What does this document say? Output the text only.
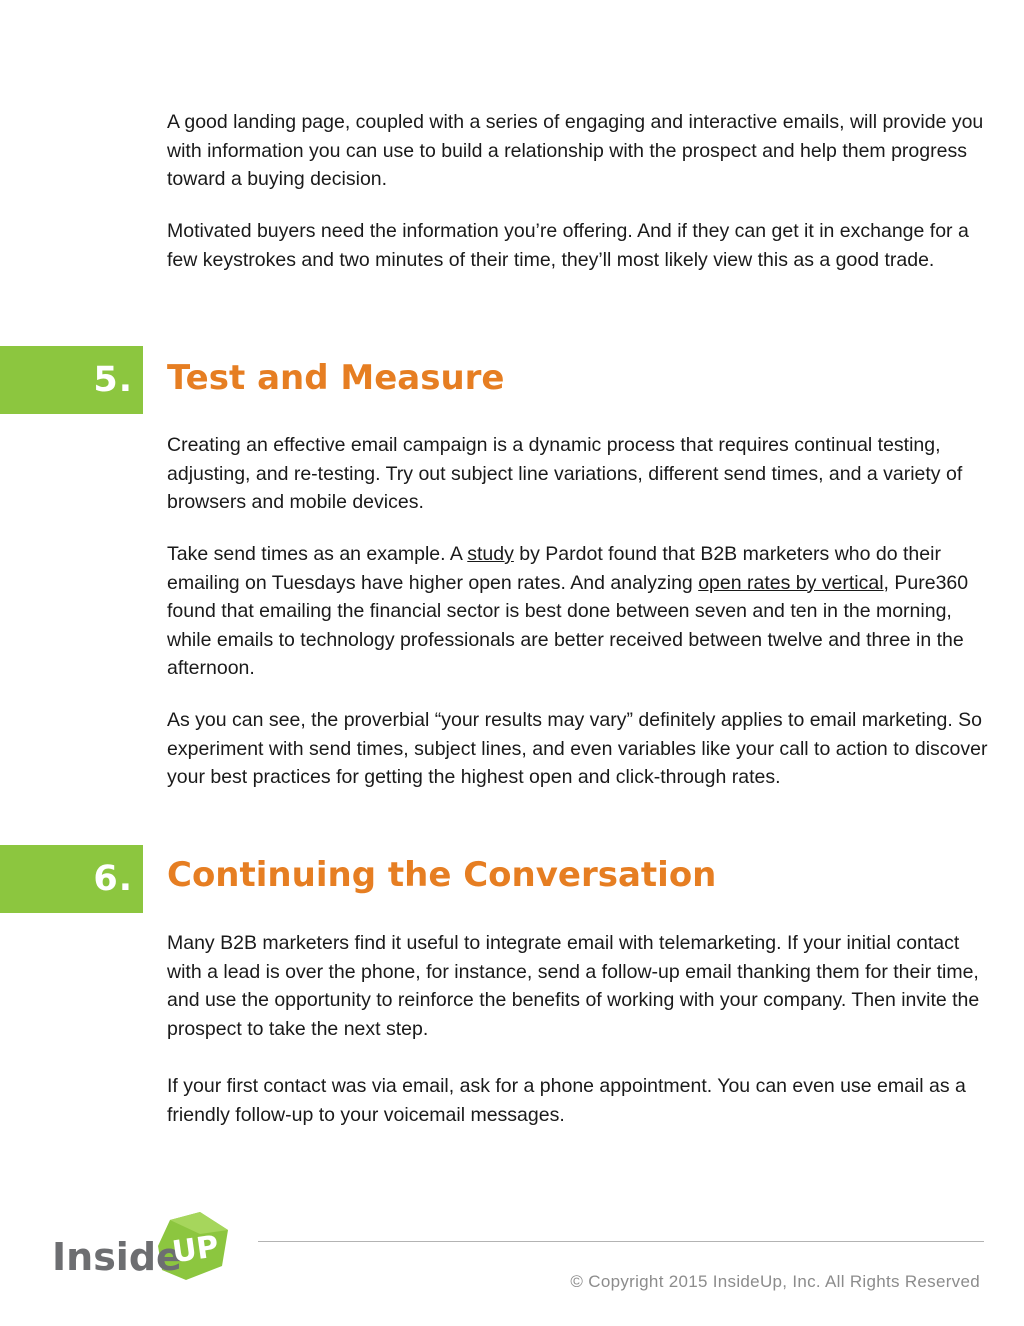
A good landing page, coupled with a series of engaging and interactive emails, will provide you with information you can use to build a relationship with the prospect and help them progress toward a buying decision.

Motivated buyers need the information you’re offering. And if they can get it in exchange for a few keystrokes and two minutes of their time, they’ll most likely view this as a good trade.

5. Test and Measure

Creating an effective email campaign is a dynamic process that requires continual testing, adjusting, and re-testing. Try out subject line variations, different send times, and a variety of browsers and mobile devices.

Take send times as an example. A study by Pardot found that B2B marketers who do their emailing on Tuesdays have higher open rates. And analyzing open rates by vertical, Pure360 found that emailing the financial sector is best done between seven and ten in the morning, while emails to technology professionals are better received between twelve and three in the afternoon.

As you can see, the proverbial “your results may vary” definitely applies to email marketing. So experiment with send times, subject lines, and even variables like your call to action to discover your best practices for getting the highest open and click-through rates.

6. Continuing the Conversation

Many B2B marketers find it useful to integrate email with telemarketing. If your initial contact with a lead is over the phone, for instance, send a follow-up email thanking them for their time, and use the opportunity to reinforce the benefits of working with your company. Then invite the prospect to take the next step.

If your first contact was via email, ask for a phone appointment. You can even use email as a friendly follow-up to your voicemail messages.

Inside
UP
© Copyright 2015 InsideUp, Inc. All Rights Reserved
